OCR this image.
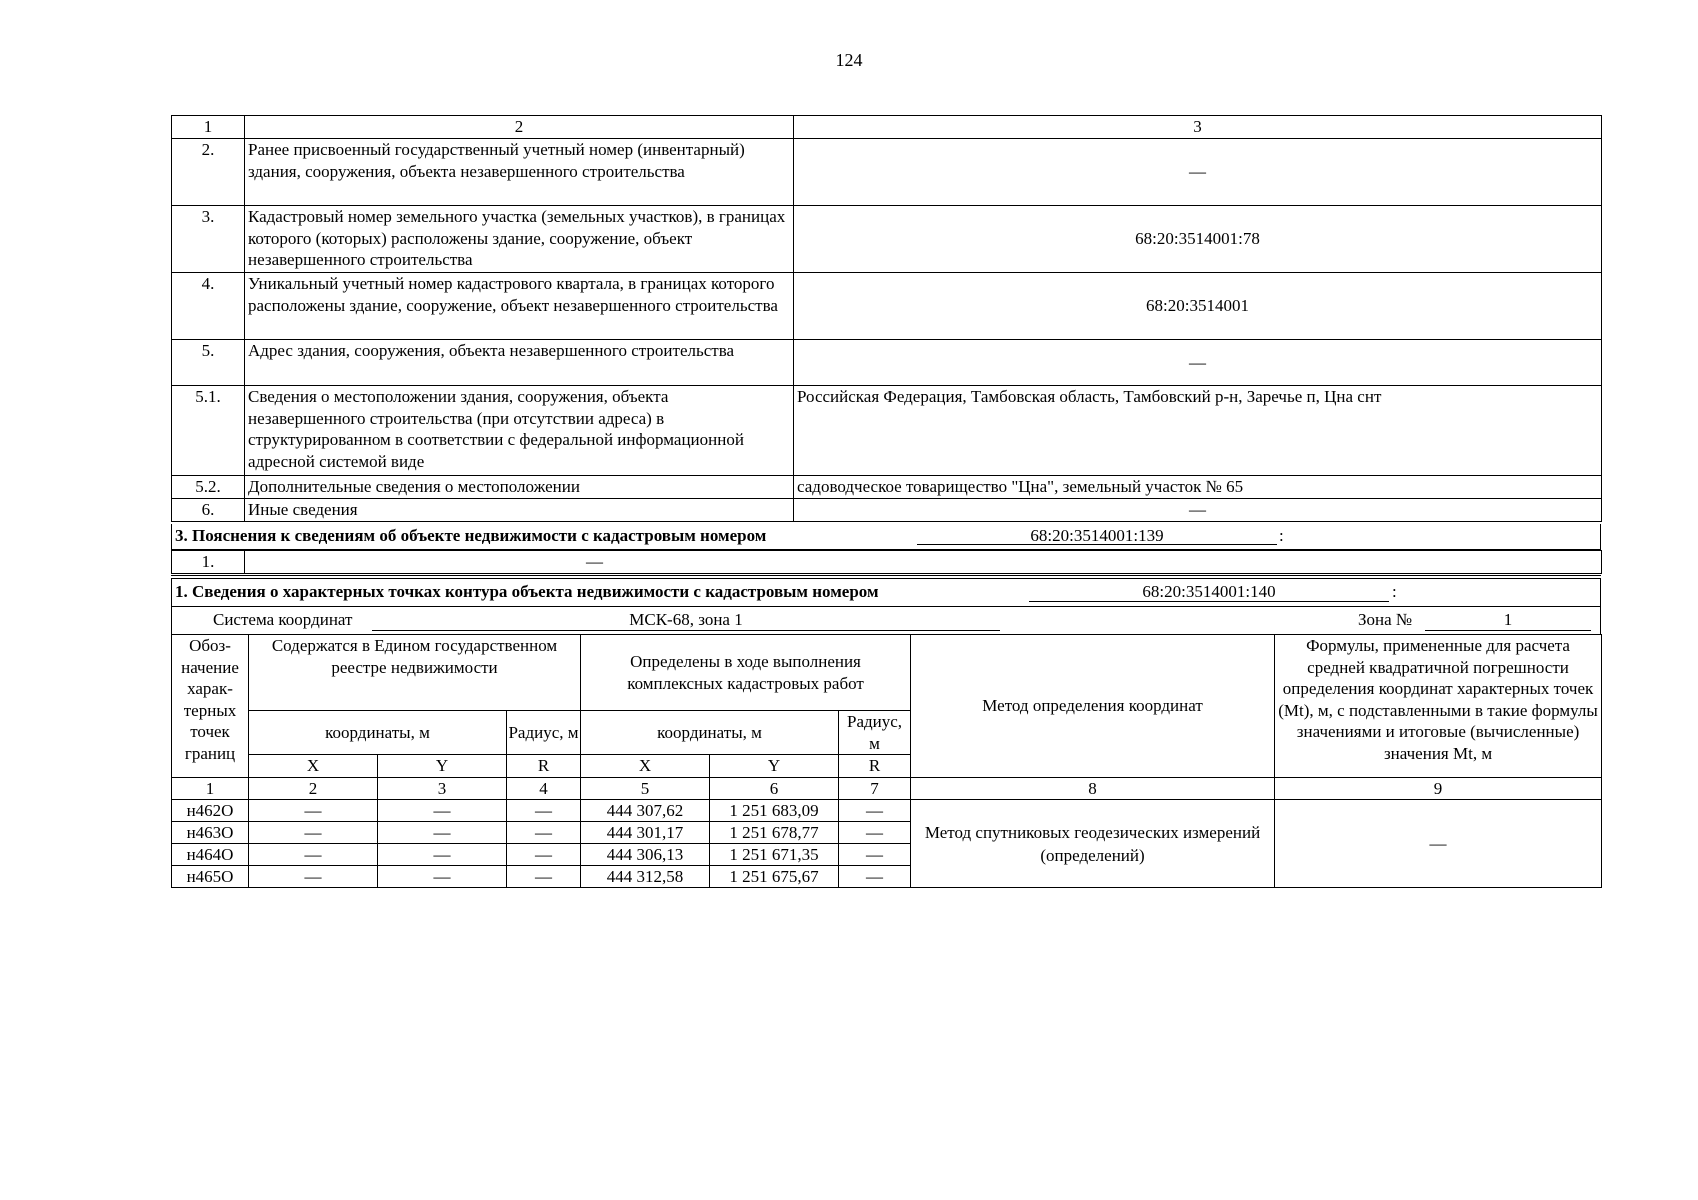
124
1	2	3
2.	Ранее присвоенный государственный учетный номер (инвентарный) здания, сооружения, объекта незавершенного строительства	—
3.	Кадастровый номер земельного участка (земельных участков), в границах которого (которых) расположены здание, сооружение, объект незавершенного строительства	68:20:3514001:78
4.	Уникальный учетный номер кадастрового квартала, в границах которого расположены здание, сооружение, объект незавершенного строительства	68:20:3514001
5.	Адрес здания, сооружения, объекта незавершенного строительства	—
5.1.	Сведения о местоположении здания, сооружения, объекта незавершенного строительства (при отсутствии адреса) в структурированном в соответствии с федеральной информационной адресной системой виде	Российская Федерация, Тамбовская область, Тамбовский р-н, Заречье п, Цна снт
5.2.	Дополнительные сведения о местоположении	садоводческое товарищество "Цна", земельный участок № 65
6.	Иные сведения	—
3. Пояснения к сведениям об объекте недвижимости с кадастровым номером	68:20:3514001:139	:
1.	—
1. Сведения о характерных точках контура объекта недвижимости с кадастровым номером	68:20:3514001:140	:
Система координат	МСК-68, зона 1	Зона №	1
Обоз-начение харак-терных точек границ	Содержатся в Едином государственном реестре недвижимости			Определены в ходе выполнения комплексных кадастровых работ			Метод определения координат	Формулы, примененные для расчета средней квадратичной погрешности определения координат характерных точек (Mt), м, с подставленными в такие формулы значениями и итоговые (вычисленные) значения Mt, м
	координаты, м		Радиус, м	координаты, м		Радиус, м		
	X	Y	R	X	Y	R		
1	2	3	4	5	6	7	8	9
н462О	—	—	—	444 307,62	1 251 683,09	—	Метод спутниковых геодезических измерений (определений)	—
н463О	—	—	—	444 301,17	1 251 678,77	—		
н464О	—	—	—	444 306,13	1 251 671,35	—		
н465О	—	—	—	444 312,58	1 251 675,67	—		
